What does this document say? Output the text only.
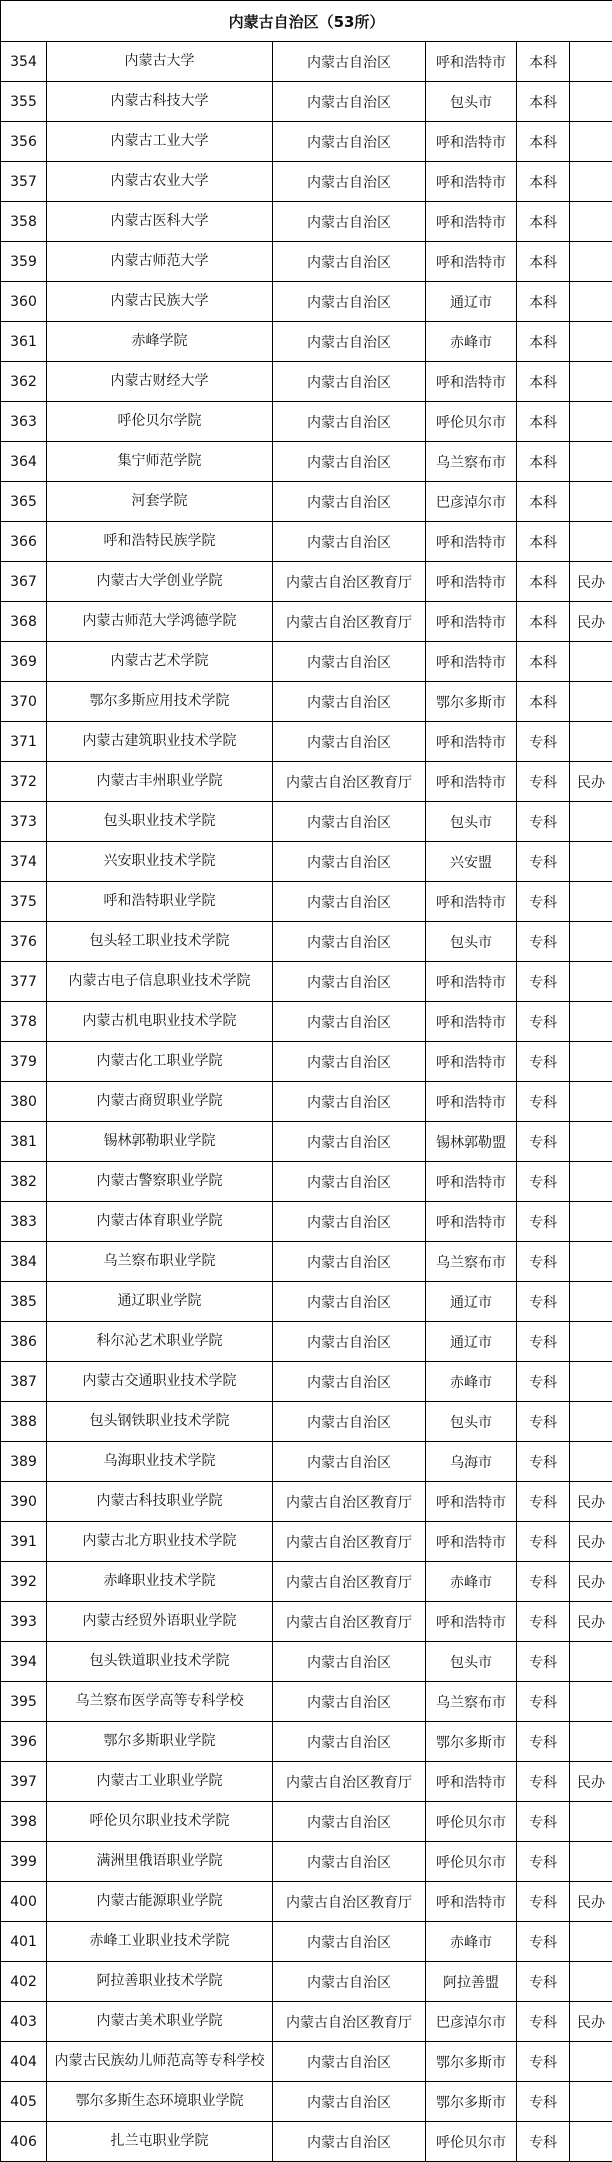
内蒙古自治区（53所）					
354	内蒙古大学	内蒙古自治区	呼和浩特市	本科	
355	内蒙古科技大学	内蒙古自治区	包头市	本科	
356	内蒙古工业大学	内蒙古自治区	呼和浩特市	本科	
357	内蒙古农业大学	内蒙古自治区	呼和浩特市	本科	
358	内蒙古医科大学	内蒙古自治区	呼和浩特市	本科	
359	内蒙古师范大学	内蒙古自治区	呼和浩特市	本科	
360	内蒙古民族大学	内蒙古自治区	通辽市	本科	
361	赤峰学院	内蒙古自治区	赤峰市	本科	
362	内蒙古财经大学	内蒙古自治区	呼和浩特市	本科	
363	呼伦贝尔学院	内蒙古自治区	呼伦贝尔市	本科	
364	集宁师范学院	内蒙古自治区	乌兰察布市	本科	
365	河套学院	内蒙古自治区	巴彦淖尔市	本科	
366	呼和浩特民族学院	内蒙古自治区	呼和浩特市	本科	
367	内蒙古大学创业学院	内蒙古自治区教育厅	呼和浩特市	本科	民办
368	内蒙古师范大学鸿德学院	内蒙古自治区教育厅	呼和浩特市	本科	民办
369	内蒙古艺术学院	内蒙古自治区	呼和浩特市	本科	
370	鄂尔多斯应用技术学院	内蒙古自治区	鄂尔多斯市	本科	
371	内蒙古建筑职业技术学院	内蒙古自治区	呼和浩特市	专科	
372	内蒙古丰州职业学院	内蒙古自治区教育厅	呼和浩特市	专科	民办
373	包头职业技术学院	内蒙古自治区	包头市	专科	
374	兴安职业技术学院	内蒙古自治区	兴安盟	专科	
375	呼和浩特职业学院	内蒙古自治区	呼和浩特市	专科	
376	包头轻工职业技术学院	内蒙古自治区	包头市	专科	
377	内蒙古电子信息职业技术学院	内蒙古自治区	呼和浩特市	专科	
378	内蒙古机电职业技术学院	内蒙古自治区	呼和浩特市	专科	
379	内蒙古化工职业学院	内蒙古自治区	呼和浩特市	专科	
380	内蒙古商贸职业学院	内蒙古自治区	呼和浩特市	专科	
381	锡林郭勒职业学院	内蒙古自治区	锡林郭勒盟	专科	
382	内蒙古警察职业学院	内蒙古自治区	呼和浩特市	专科	
383	内蒙古体育职业学院	内蒙古自治区	呼和浩特市	专科	
384	乌兰察布职业学院	内蒙古自治区	乌兰察布市	专科	
385	通辽职业学院	内蒙古自治区	通辽市	专科	
386	科尔沁艺术职业学院	内蒙古自治区	通辽市	专科	
387	内蒙古交通职业技术学院	内蒙古自治区	赤峰市	专科	
388	包头钢铁职业技术学院	内蒙古自治区	包头市	专科	
389	乌海职业技术学院	内蒙古自治区	乌海市	专科	
390	内蒙古科技职业学院	内蒙古自治区教育厅	呼和浩特市	专科	民办
391	内蒙古北方职业技术学院	内蒙古自治区教育厅	呼和浩特市	专科	民办
392	赤峰职业技术学院	内蒙古自治区教育厅	赤峰市	专科	民办
393	内蒙古经贸外语职业学院	内蒙古自治区教育厅	呼和浩特市	专科	民办
394	包头铁道职业技术学院	内蒙古自治区	包头市	专科	
395	乌兰察布医学高等专科学校	内蒙古自治区	乌兰察布市	专科	
396	鄂尔多斯职业学院	内蒙古自治区	鄂尔多斯市	专科	
397	内蒙古工业职业学院	内蒙古自治区教育厅	呼和浩特市	专科	民办
398	呼伦贝尔职业技术学院	内蒙古自治区	呼伦贝尔市	专科	
399	满洲里俄语职业学院	内蒙古自治区	呼伦贝尔市	专科	
400	内蒙古能源职业学院	内蒙古自治区教育厅	呼和浩特市	专科	民办
401	赤峰工业职业技术学院	内蒙古自治区	赤峰市	专科	
402	阿拉善职业技术学院	内蒙古自治区	阿拉善盟	专科	
403	内蒙古美术职业学院	内蒙古自治区教育厅	巴彦淖尔市	专科	民办
404	内蒙古民族幼儿师范高等专科学校	内蒙古自治区	鄂尔多斯市	专科	
405	鄂尔多斯生态环境职业学院	内蒙古自治区	鄂尔多斯市	专科	
406	扎兰屯职业学院	内蒙古自治区	呼伦贝尔市	专科	
